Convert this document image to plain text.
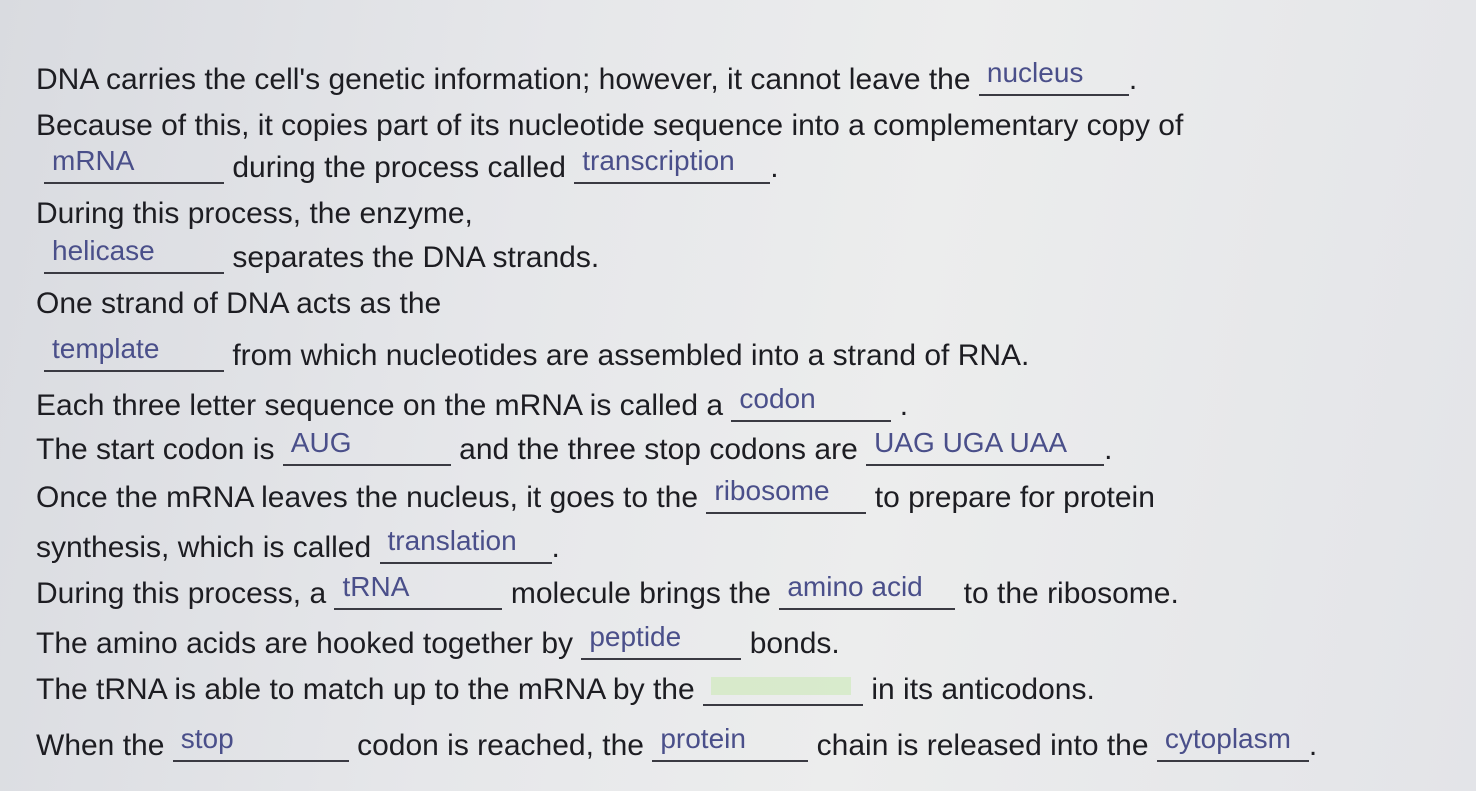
DNA carries the cell's genetic information; however, it cannot leave the nucleus .
Because of this, it copies part of its nucleotide sequence into a complementary copy of
mRNA	during the process called transcription .
During this process, the enzyme,
helicase	separates the DNA strands.
One strand of DNA acts as the
template from which nucleotides are assembled into a strand of RNA.
Each three letter sequence on the mRNA is called a codon	.
The start codon is AUG	and the three stop codons are UAG UGA UAA .
Once the mRNA leaves the nucleus, it goes to the ribosome to prepare for protein
synthesis, which is called translation .
During this process, a tRNA	molecule brings the amino acid to the ribosome.
The amino acids are hooked together by peptide bonds.
The tRNA is able to match up to the mRNA by the	in its anticodons.
When the stop	codon is reached, the protein chain is released into the cytoplasm .
